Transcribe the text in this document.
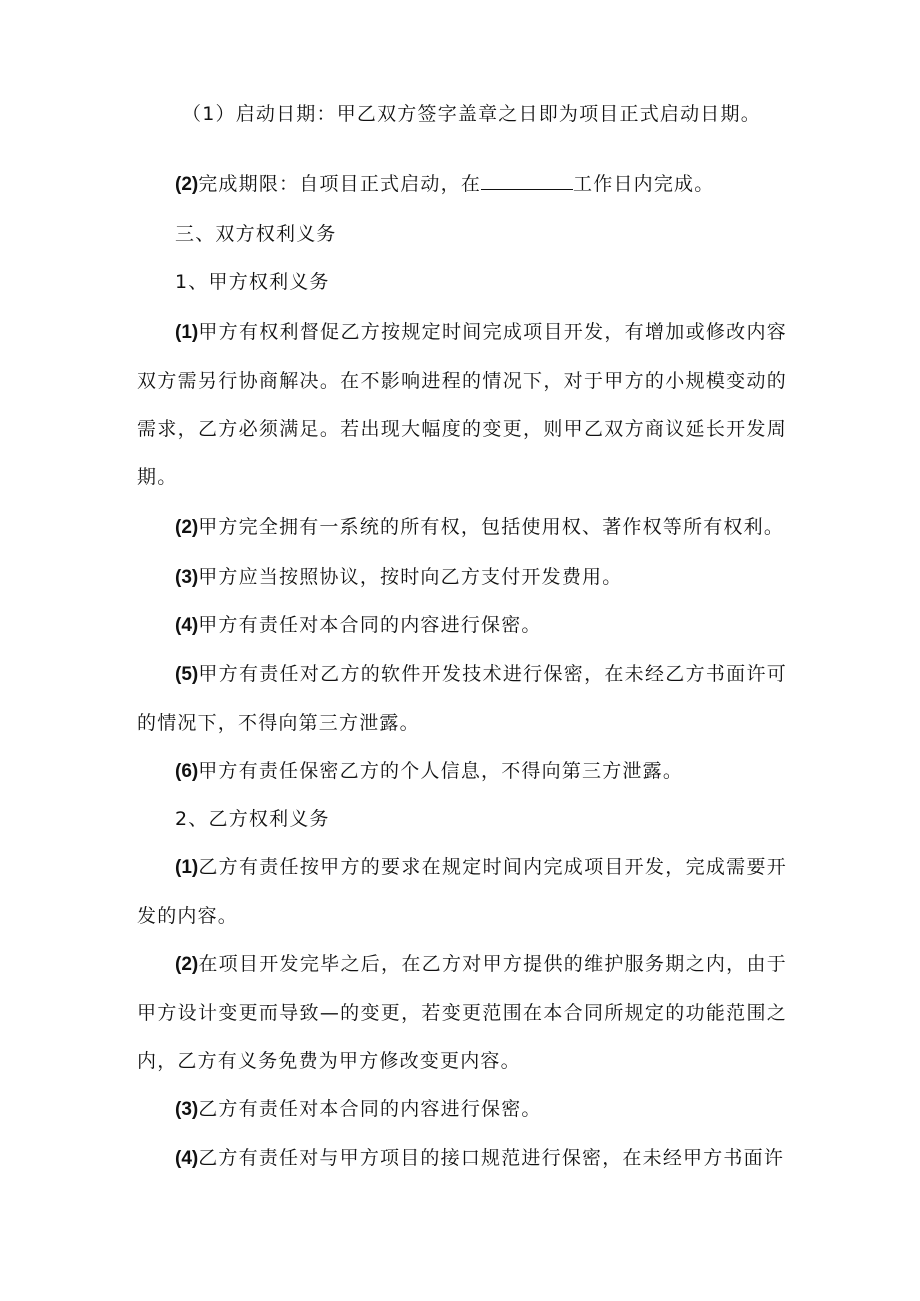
（1）启动日期：甲乙双方签字盖章之日即为项目正式启动日期。

(2)完成期限：自项目正式启动，在	工作日内完成。

三、双方权利义务

1、甲方权利义务

(1)甲方有权利督促乙方按规定时间完成项目开发，有增加或修改内容双方需另行协商解决。在不影响进程的情况下，对于甲方的小规模变动的需求，乙方必须满足。若出现大幅度的变更，则甲乙双方商议延长开发周期。

(2)甲方完全拥有一系统的所有权，包括使用权、著作权等所有权利。

(3)甲方应当按照协议，按时向乙方支付开发费用。

(4)甲方有责任对本合同的内容进行保密。

(5)甲方有责任对乙方的软件开发技术进行保密，在未经乙方书面许可的情况下，不得向第三方泄露。

(6)甲方有责任保密乙方的个人信息，不得向第三方泄露。

2、乙方权利义务

(1)乙方有责任按甲方的要求在规定时间内完成项目开发，完成需要开发的内容。

(2)在项目开发完毕之后，在乙方对甲方提供的维护服务期之内，由于甲方设计变更而导致—的变更，若变更范围在本合同所规定的功能范围之内，乙方有义务免费为甲方修改变更内容。

(3)乙方有责任对本合同的内容进行保密。

(4)乙方有责任对与甲方项目的接口规范进行保密，在未经甲方书面许
